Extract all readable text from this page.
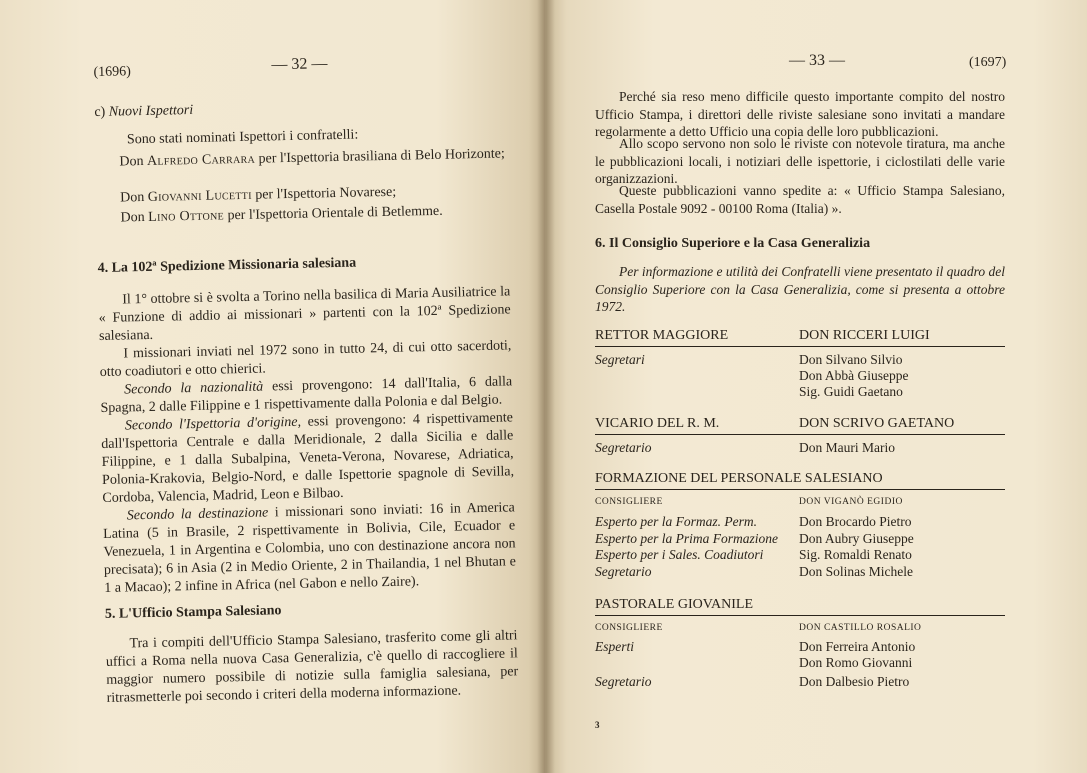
(1696)	— 32 —
c) Nuovi Ispettori
Sono stati nominati Ispettori i confratelli:
Don Alfredo Carrara per l'Ispettoria brasiliana di Belo Horizonte;
Don Giovanni Lucetti per l'Ispettoria Novarese;
Don Lino Ottone per l'Ispettoria Orientale di Betlemme.
4. La 102ª Spedizione Missionaria salesiana
Il 1° ottobre si è svolta a Torino nella basilica di Maria Ausiliatrice la « Funzione di addio ai missionari » partenti con la 102ª Spedizione salesiana.
I missionari inviati nel 1972 sono in tutto 24, di cui otto sacerdoti, otto coadiutori e otto chierici.
Secondo la nazionalità essi provengono: 14 dall'Italia, 6 dalla Spagna, 2 dalle Filippine e 1 rispettivamente dalla Polonia e dal Belgio.
Secondo l'Ispettoria d'origine, essi provengono: 4 rispettivamente dall'Ispettoria Centrale e dalla Meridionale, 2 dalla Sicilia e dalle Filippine, e 1 dalla Subalpina, Veneta-Verona, Novarese, Adriatica, Polonia-Krakovia, Belgio-Nord, e dalle Ispettorie spagnole di Sevilla, Cordoba, Valencia, Madrid, Leon e Bilbao.
Secondo la destinazione i missionari sono inviati: 16 in America Latina (5 in Brasile, 2 rispettivamente in Bolivia, Cile, Ecuador e Venezuela, 1 in Argentina e Colombia, uno con destinazione ancora non precisata); 6 in Asia (2 in Medio Oriente, 2 in Thailandia, 1 nel Bhutan e 1 a Macao); 2 infine in Africa (nel Gabon e nello Zaire).
5. L'Ufficio Stampa Salesiano
Tra i compiti dell'Ufficio Stampa Salesiano, trasferito come gli altri uffici a Roma nella nuova Casa Generalizia, c'è quello di raccogliere il maggior numero possibile di notizie sulla famiglia salesiana, per ritrasmetterle poi secondo i criteri della moderna informazione.
— 33 —	(1697)
Perché sia reso meno difficile questo importante compito del nostro Ufficio Stampa, i direttori delle riviste salesiane sono invitati a mandare regolarmente a detto Ufficio una copia delle loro pubblicazioni.
Allo scopo servono non solo le riviste con notevole tiratura, ma anche le pubblicazioni locali, i notiziari delle ispettorie, i ciclostilati delle varie organizzazioni.
Queste pubblicazioni vanno spedite a: « Ufficio Stampa Salesiano, Casella Postale 9092 - 00100 Roma (Italia) ».
6. Il Consiglio Superiore e la Casa Generalizia
Per informazione e utilità dei Confratelli viene presentato il quadro del Consiglio Superiore con la Casa Generalizia, come si presenta a ottobre 1972.
RETTOR MAGGIORE	DON RICCERI LUIGI
Segretari	Don Silvano Silvio
Don Abbà Giuseppe
Sig. Guidi Gaetano
VICARIO DEL R. M.	DON SCRIVO GAETANO
Segretario	Don Mauri Mario
FORMAZIONE DEL PERSONALE SALESIANO
CONSIGLIERE	DON VIGANÒ EGIDIO
Esperto per la Formaz. Perm.	Don Brocardo Pietro
Esperto per la Prima Formazione Don Aubry Giuseppe
Esperto per i Sales. Coadiutori	Sig. Romaldi Renato
Segretario	Don Solinas Michele
PASTORALE GIOVANILE
CONSIGLIERE	DON CASTILLO ROSALIO
Esperti	Don Ferreira Antonio
Don Romo Giovanni
Segretario	Don Dalbesio Pietro
3
